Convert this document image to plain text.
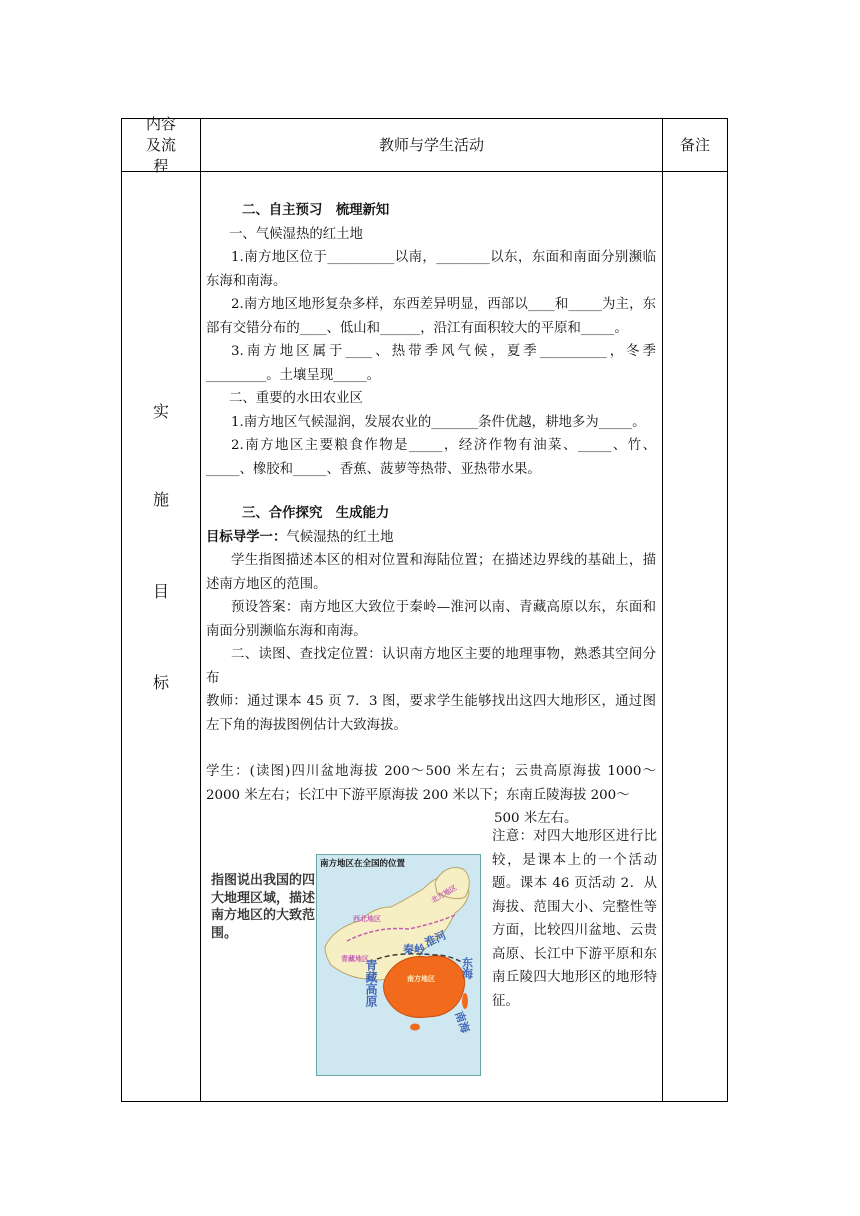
内容及流程
教师与学生活动	备注
实
施
目
标

二、自主预习　梳理新知

一、气候湿热的红土地

1.南方地区位于__________以南，________以东，东面和南面分别濒临东海和南海。

2.南方地区地形复杂多样，东西差异明显，西部以____和_____为主，东部有交错分布的____、低山和______，沿江有面积较大的平原和_____。

3.南方地区属于____、热带季风气候，夏季__________，冬季_________。土壤呈现_____。

二、重要的水田农业区

1.南方地区气候湿润，发展农业的_______条件优越，耕地多为_____。

2.南方地区主要粮食作物是_____，经济作物有油菜、_____、竹、_____、橡胶和_____、香蕉、菠萝等热带、亚热带水果。

三、合作探究　生成能力

目标导学一：气候湿热的红土地

学生指图描述本区的相对位置和海陆位置；在描述边界线的基础上，描述南方地区的范围。

预设答案：南方地区大致位于秦岭—淮河以南、青藏高原以东，东面和南面分别濒临东海和南海。

二、读图、查找定位置：认识南方地区主要的地理事物，熟悉其空间分布

教师：通过课本 45 页 7．3 图，要求学生能够找出这四大地形区，通过图左下角的海拔图例估计大致海拔。

学生：(读图)四川盆地海拔 200～500 米左右；云贵高原海拔 1000～2000 米左右；长江中下游平原海拔 200 米以下；东南丘陵海拔 200～

500 米左右。

指图说出我国的四大地理区域，描述南方地区的大致范围。
南方地区在全国的位置
西北地区
北方地区
青藏地区
青藏高原
秦岭
淮河
东海
南方地区
南海

注意：对四大地形区进行比较，是课本上的一个活动题。课本 46 页活动 2．从海拔、范围大小、完整性等方面，比较四川盆地、云贵高原、长江中下游平原和东南丘陵四大地形区的地形特征。
